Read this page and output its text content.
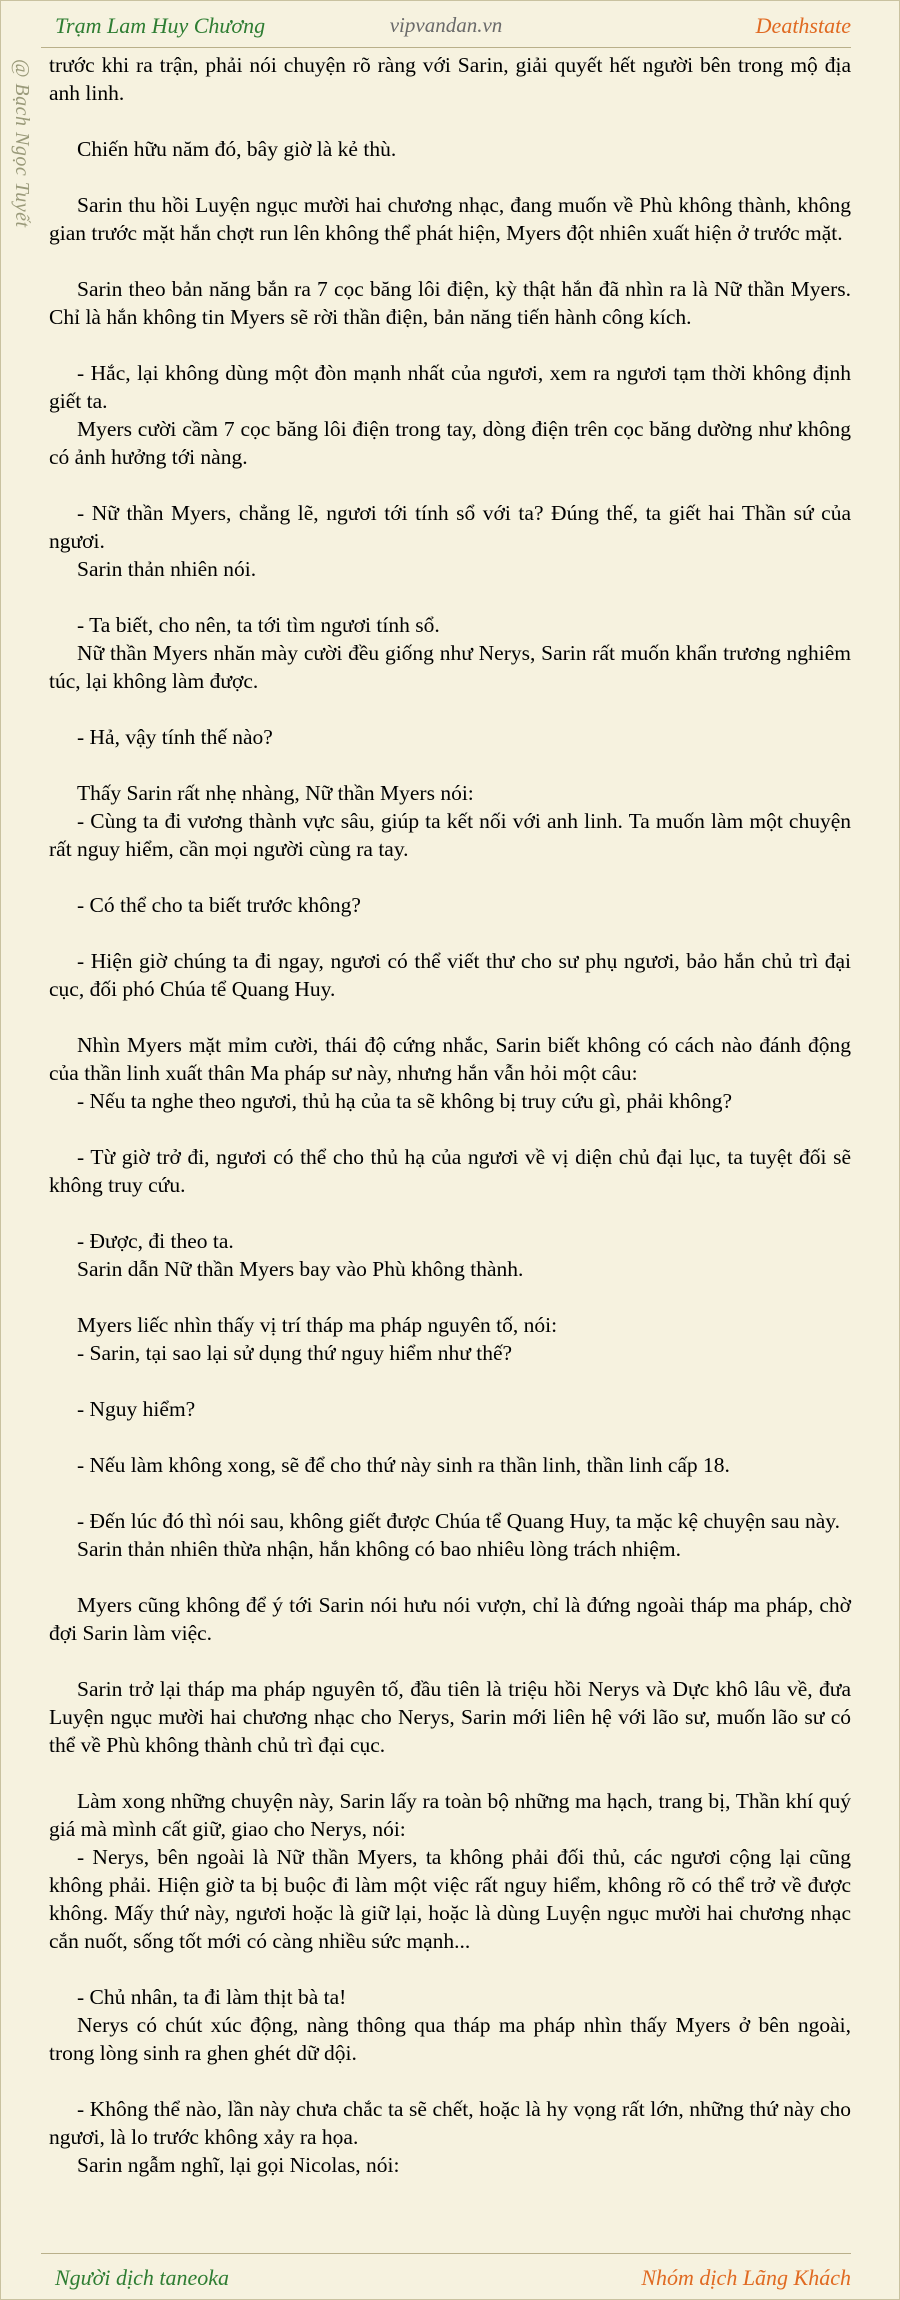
Trạm Lam Huy Chương	vipvandan.vn	Deathstate
@ Bạch Ngọc Tuyết trước khi ra trận, phải nói chuyện rõ ràng với Sarin, giải quyết hết người bên trong mộ địa anh linh.

Chiến hữu năm đó, bây giờ là kẻ thù.

Sarin thu hồi Luyện ngục mười hai chương nhạc, đang muốn về Phù không thành, không gian trước mặt hắn chợt run lên không thể phát hiện, Myers đột nhiên xuất hiện ở trước mặt.

Sarin theo bản năng bắn ra 7 cọc băng lôi điện, kỳ thật hắn đã nhìn ra là Nữ thần Myers. Chỉ là hắn không tin Myers sẽ rời thần điện, bản năng tiến hành công kích.

- Hắc, lại không dùng một đòn mạnh nhất của ngươi, xem ra ngươi tạm thời không định giết ta.
Myers cười cầm 7 cọc băng lôi điện trong tay, dòng điện trên cọc băng dường như không có ảnh hưởng tới nàng.

- Nữ thần Myers, chẳng lẽ, ngươi tới tính sổ với ta? Đúng thế, ta giết hai Thần sứ của ngươi.
Sarin thản nhiên nói.

- Ta biết, cho nên, ta tới tìm ngươi tính sổ.
Nữ thần Myers nhăn mày cười đều giống như Nerys, Sarin rất muốn khẩn trương nghiêm túc, lại không làm được.

- Hả, vậy tính thế nào?

Thấy Sarin rất nhẹ nhàng, Nữ thần Myers nói:
- Cùng ta đi vương thành vực sâu, giúp ta kết nối với anh linh. Ta muốn làm một chuyện rất nguy hiểm, cần mọi người cùng ra tay.

- Có thể cho ta biết trước không?

- Hiện giờ chúng ta đi ngay, ngươi có thể viết thư cho sư phụ ngươi, bảo hắn chủ trì đại cục, đối phó Chúa tể Quang Huy.

Nhìn Myers mặt mỉm cười, thái độ cứng nhắc, Sarin biết không có cách nào đánh động của thần linh xuất thân Ma pháp sư này, nhưng hắn vẫn hỏi một câu:
- Nếu ta nghe theo ngươi, thủ hạ của ta sẽ không bị truy cứu gì, phải không?

- Từ giờ trở đi, ngươi có thể cho thủ hạ của ngươi về vị diện chủ đại lục, ta tuyệt đối sẽ không truy cứu.

- Được, đi theo ta.
Sarin dẫn Nữ thần Myers bay vào Phù không thành.

Myers liếc nhìn thấy vị trí tháp ma pháp nguyên tố, nói:
- Sarin, tại sao lại sử dụng thứ nguy hiểm như thế?

- Nguy hiểm?

- Nếu làm không xong, sẽ để cho thứ này sinh ra thần linh, thần linh cấp 18.

- Đến lúc đó thì nói sau, không giết được Chúa tể Quang Huy, ta mặc kệ chuyện sau này.
Sarin thản nhiên thừa nhận, hắn không có bao nhiêu lòng trách nhiệm.

Myers cũng không để ý tới Sarin nói hưu nói vượn, chỉ là đứng ngoài tháp ma pháp, chờ đợi Sarin làm việc.

Sarin trở lại tháp ma pháp nguyên tố, đầu tiên là triệu hồi Nerys và Dực khô lâu về, đưa Luyện ngục mười hai chương nhạc cho Nerys, Sarin mới liên hệ với lão sư, muốn lão sư có thể về Phù không thành chủ trì đại cục.

Làm xong những chuyện này, Sarin lấy ra toàn bộ những ma hạch, trang bị, Thần khí quý giá mà mình cất giữ, giao cho Nerys, nói:
- Nerys, bên ngoài là Nữ thần Myers, ta không phải đối thủ, các ngươi cộng lại cũng không phải. Hiện giờ ta bị buộc đi làm một việc rất nguy hiểm, không rõ có thể trở về được không. Mấy thứ này, ngươi hoặc là giữ lại, hoặc là dùng Luyện ngục mười hai chương nhạc cắn nuốt, sống tốt mới có càng nhiều sức mạnh...

- Chủ nhân, ta đi làm thịt bà ta!
Nerys có chút xúc động, nàng thông qua tháp ma pháp nhìn thấy Myers ở bên ngoài, trong lòng sinh ra ghen ghét dữ dội.

- Không thể nào, lần này chưa chắc ta sẽ chết, hoặc là hy vọng rất lớn, những thứ này cho ngươi, là lo trước không xảy ra họa.
Sarin ngẫm nghĩ, lại gọi Nicolas, nói:

Người dịch taneoka	Nhóm dịch Lãng Khách
